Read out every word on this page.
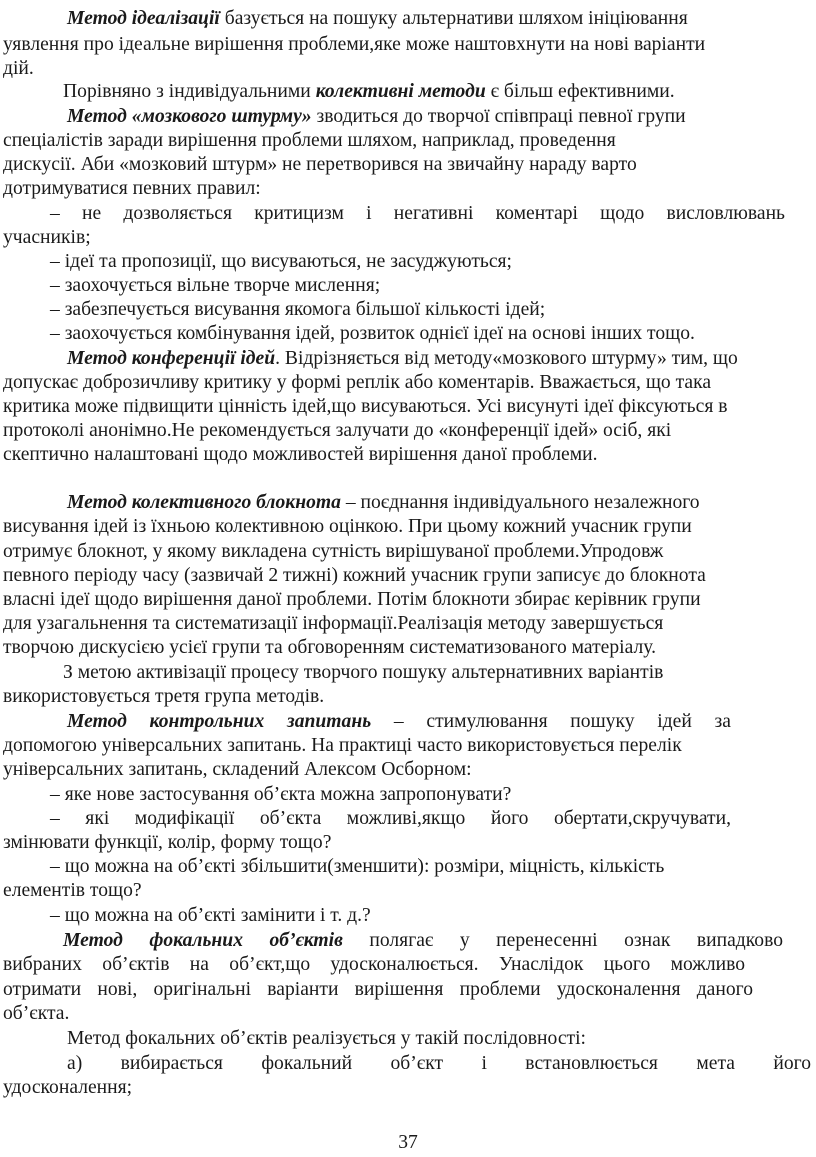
Метод ідеалізації базується на пошуку альтернативи шляхом ініціювання
уявлення про ідеальне вирішення проблеми,яке може наштовхнути на нові варіанти
дій.
Порівняно з індивідуальними колективні методи є більш ефективними.
Метод «мозкового штурму» зводиться до творчої співпраці певної групи
спеціалістів заради вирішення проблеми шляхом, наприклад, проведення
дискусії. Аби «мозковий штурм» не перетворився на звичайну нараду варто
дотримуватися певних правил:
– не дозволяється критицизм і негативні коментарі щодо висловлювань
учасників;
– ідеї та пропозиції, що висуваються, не засуджуються;
– заохочується вільне творче мислення;
– забезпечується висування якомога більшої кількості ідей;
– заохочується комбінування ідей, розвиток однієї ідеї на основі інших тощо.
Метод конференції ідей. Відрізняється від методу«мозкового штурму» тим, що
допускає доброзичливу критику у формі реплік або коментарів. Вважається, що така
критика може підвищити цінність ідей,що висуваються. Усі висунуті ідеї фіксуються в
протоколі анонімно.Не рекомендується залучати до «конференції ідей» осіб, які
скептично налаштовані щодо можливостей вирішення даної проблеми.
Метод колективного блокнота – поєднання індивідуального незалежного
висування ідей із їхньою колективною оцінкою. При цьому кожний учасник групи
отримує блокнот, у якому викладена сутність вирішуваної проблеми.Упродовж
певного періоду часу (зазвичай 2 тижні) кожний учасник групи записує до блокнота
власні ідеї щодо вирішення даної проблеми. Потім блокноти збирає керівник групи
для узагальнення та систематизації інформації.Реалізація методу завершується
творчою дискусією усієї групи та обговоренням систематизованого матеріалу.
З метою активізації процесу творчого пошуку альтернативних варіантів
використовується третя група методів.
Метод контрольних запитань – стимулювання пошуку ідей за
допомогою універсальних запитань. На практиці часто використовується перелік
універсальних запитань, складений Алексом Осборном:
– яке нове застосування об’єкта можна запропонувати?
– які модифікації об’єкта можливі,якщо його обертати,скручувати,
змінювати функції, колір, форму тощо?
– що можна на об’єкті збільшити(зменшити): розміри, міцність, кількість
елементів тощо?
– що можна на об’єкті замінити і т. д.?
Метод фокальних об’єктів полягає у перенесенні ознак випадково
вибраних об’єктів на об’єкт,що удосконалюється. Унаслідок цього можливо
отримати нові, оригінальні варіанти вирішення проблеми удосконалення даного
об’єкта.
Метод фокальних об’єктів реалізується у такій послідовності:
а) вибирається фокальний об’єкт і встановлюється мета його
удосконалення;
37
